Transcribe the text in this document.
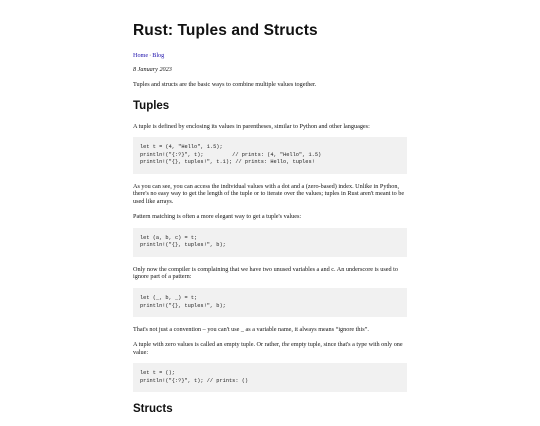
Rust: Tuples and Structs
Home·Blog

8 January 2023

Tuples and structs are the basic ways to combine multiple values together.

Tuples

A tuple is defined by enclosing its values in parentheses, similar to Python and other languages:

let t = (4, "Hello", 1.5);
println!("{:?}", t);         // prints: (4, "Hello", 1.5)
println!("{}, tuples!", t.1); // prints: Hello, tuples!

As you can see, you can access the individual values with a dot and a (zero-based) index. Unlike in Python, there's no easy way to get the length of the tuple or to iterate over the values; tuples in Rust aren't meant to be used like arrays.

Pattern matching is often a more elegant way to get a tuple's values:

let (a, b, c) = t;
println!("{}, tuples!", b);

Only now the compiler is complaining that we have two unused variables a and c. An underscore is used to ignore part of a pattern:

let (_, b, _) = t;
println!("{}, tuples!", b);

That's not just a convention – you can't use _ as a variable name, it always means “ignore this”.

A tuple with zero values is called an empty tuple. Or rather, the empty tuple, since that's a type with only one value:

let t = ();
println!("{:?}", t); // prints: ()
Structs
